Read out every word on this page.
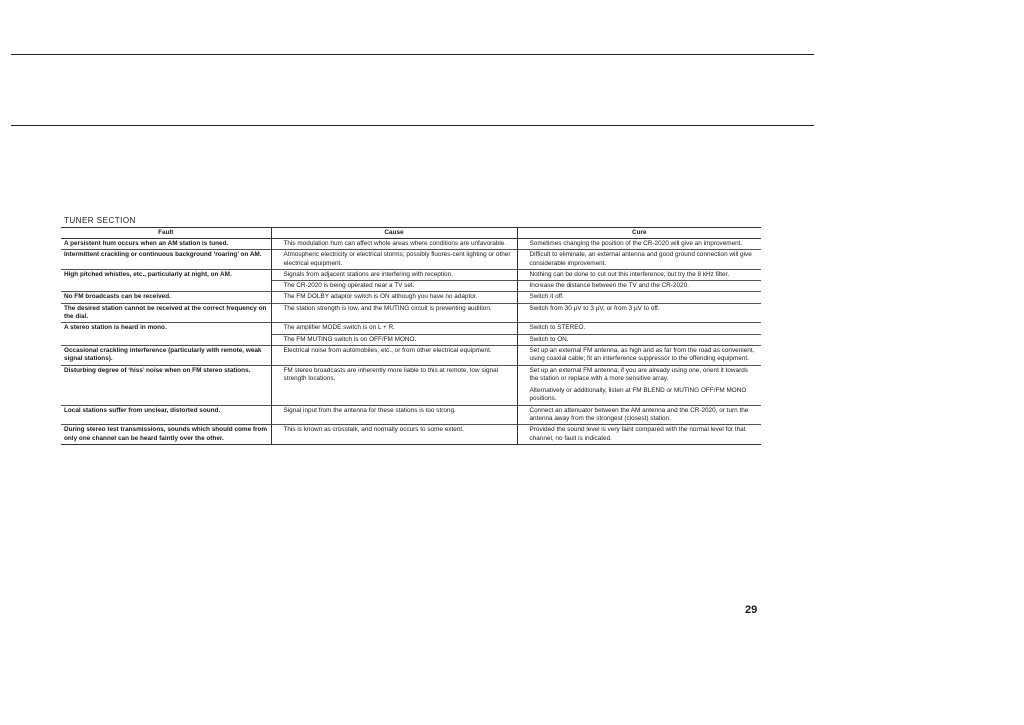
TUNER SECTION
Fault	Cause	Cure
A persistent hum occurs when an AM station is tuned.	This modulation hum can affect whole areas where conditions are unfavorable.	Sometimes changing the position of the CR-2020 will give an improvement.
Intermittent crackling or continuous background ‘roaring’ on AM.	Atmospheric electricity or electrical storms; possibly fluores-cent lighting or other electrical equipment.	Difficult to eliminate, an external antenna and good ground connection will give considerable improvement.
High pitched whistles, etc., particularly at night, on AM.	Signals from adjacent stations are interfering with reception.	Nothing can be done to cut out this interference, but try the 8 kHz filter.
	The CR-2020 is being operated near a TV set.	Increase the distance between the TV and the CR-2020.
No FM broadcasts can be received.	The FM DOLBY adaptor switch is ON although you have no adaptor.	Switch it off.
The desired station cannot be received at the correct frequency on the dial.	The station strength is low, and the MUTING circuit is preventing audition.	Switch from 30 µV to 3 µV, or from 3 µV to off.
A stereo station is heard in mono.	The amplifier MODE switch is on L + R.	Switch to STEREO.
	The FM MUTING switch is on OFF/FM MONO.	Switch to ON.
Occasional crackling interference (particularly with remote, weak signal stations).	Electrical noise from automobiles, etc., or from other electrical equipment.	Set up an external FM antenna, as high and as far from the road as convenient, using coaxial cable; fit an interference suppressor to the offending equipment.
Disturbing degree of ‘hiss’ noise when on FM stereo stations.	FM stereo broadcasts are inherently more liable to this at remote, low signal strength locations.	Set up an external FM antenna; if you are already using one, orient it towards the station or replace with a more sensitive array.
Alternatively or additionally, listen at FM BLEND or MUTING OFF/FM MONO positions.

Local stations suffer from unclear, distorted sound.	Signal input from the antenna for these stations is too strong.	Connect an attenuator between the AM antenna and the CR-2020, or turn the antenna away from the strongest (closest) station.
During stereo test transmissions, sounds which should come from only one channel can be heard faintly over the other.	This is known as crosstalk, and normally occurs to some extent.	Provided the sound level is very faint compared with the normal level for that channel, no fault is indicated.
29
